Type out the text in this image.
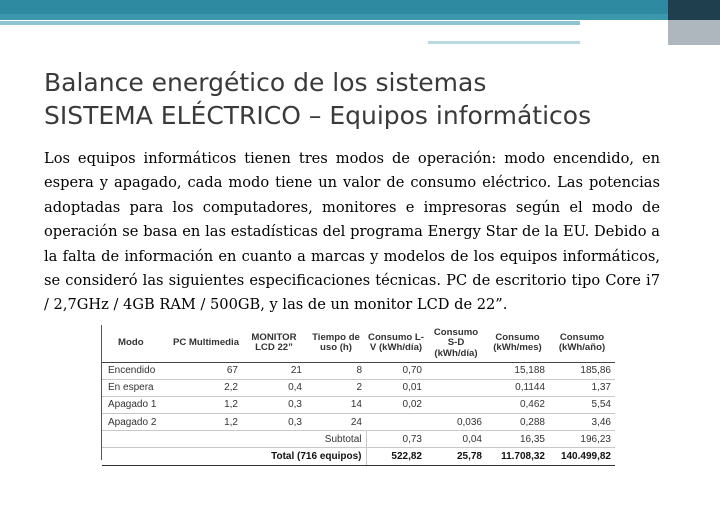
Balance energético de los sistemas
SISTEMA ELÉCTRICO – Equipos informáticos
Los equipos informáticos tienen tres modos de operación: modo encendido, en espera y apagado, cada modo tiene un valor de consumo eléctrico. Las potencias adoptadas para los computadores, monitores e impresoras según el modo de operación se basa en las estadísticas del programa Energy Star de la EU. Debido a la falta de información en cuanto a marcas y modelos de los equipos informáticos, se consideró las siguientes especificaciones técnicas. PC de escritorio tipo Core i7 / 2,7GHz / 4GB RAM / 500GB, y las de un monitor LCD de 22”.
Modo	PC Multimedia	MONITOR LCD 22”	Tiempo de uso (h)	Consumo L-V (kWh/día)	Consumo S-D (kWh/día)	Consumo (kWh/mes)	Consumo (kWh/año)
Encendido	67	21	8	0,70		15,188	185,86
En espera	2,2	0,4	2	0,01		0,1144	1,37
Apagado 1	1,2	0,3	14	0,02		0,462	5,54
Apagado 2	1,2	0,3	24		0,036	0,288	3,46
Subtotal				0,73	0,04	16,35	196,23
Total (716 equipos)				522,82	25,78	11.708,32	140.499,82
